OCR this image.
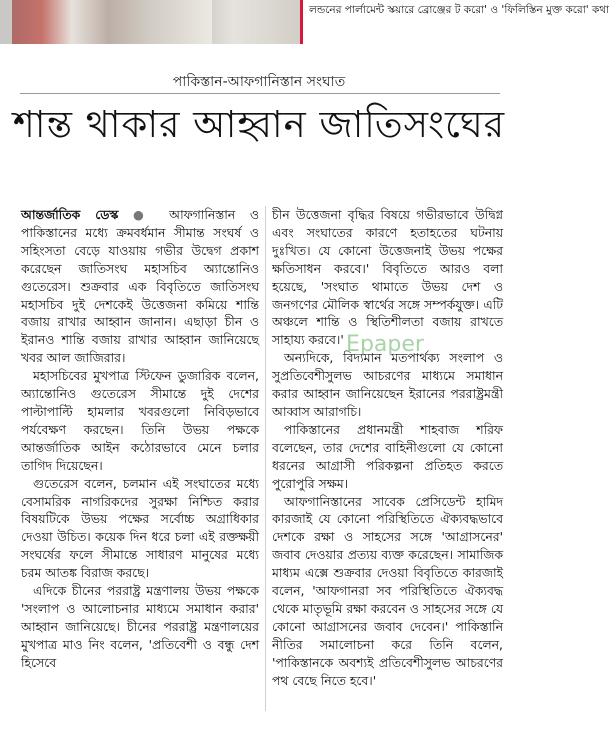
লন্ডনের পার্লামেন্ট স্কয়ারে ব্রোঞ্জের ট করো' ও 'ফিলিস্তিন মুক্ত করো' কথা
পাকিস্তান-আফগানিস্তান সংঘাত
শান্ত থাকার আহ্বান জাতিসংঘের

আন্তর্জাতিক ডেস্ক ● আফগানিস্তান ও পাকিস্তানের মধ্যে ক্রমবর্ধমান সীমান্ত সংঘর্ষ ও সহিংসতা বেড়ে যাওয়ায় গভীর উদ্বেগ প্রকাশ করেছেন জাতিসংঘ মহাসচিব অ্যান্তোনিও গুতেরেস। শুক্রবার এক বিবৃতিতে জাতিসংঘ মহাসচিব দুই দেশকেই উত্তেজনা কমিয়ে শান্তি বজায় রাখার আহ্বান জানান। এছাড়া চীন ও ইরানও শান্তি বজায় রাখার আহ্বান জানিয়েছে খবর আল জাজিরার।

মহাসচিবের মুখপাত্র স্টিফেন ডুজারিক বলেন, অ্যান্তোনিও গুতেরেস সীমান্তে দুই দেশের পাল্টাপাল্টি হামলার খবরগুলো নিবিড়ভাবে পর্যবেক্ষণ করছেন। তিনি উভয় পক্ষকে আন্তর্জাতিক আইন কঠোরভাবে মেনে চলার তাগিদ দিয়েছেন।

গুতেরেস বলেন, চলমান এই সংঘাতের মধ্যে বেসামরিক নাগরিকদের সুরক্ষা নিশ্চিত করার বিষয়টিকে উভয় পক্ষের সর্বোচ্চ অগ্রাধিকার দেওয়া উচিত। কয়েক দিন ধরে চলা এই রক্তক্ষয়ী সংঘর্ষের ফলে সীমান্তে সাধারণ মানুষের মধ্যে চরম আতঙ্ক বিরাজ করছে।

এদিকে চীনের পররাষ্ট্র মন্ত্রণালয় উভয় পক্ষকে 'সংলাপ ও আলোচনার মাধ্যমে সমাধান করার' আহ্বান জানিয়েছে। চীনের পররাষ্ট্র মন্ত্রণালয়ের মুখপাত্র মাও নিং বলেন, 'প্রতিবেশী ও বন্ধু দেশ হিসেবে

চীন উত্তেজনা বৃদ্ধির বিষয়ে গভীরভাবে উদ্বিগ্ন এবং সংঘাতের কারণে হতাহতের ঘটনায় দুঃখিত। যে কোনো উত্তেজনাই উভয় পক্ষের ক্ষতিসাধন করবে।' বিবৃতিতে আরও বলা হয়েছে, 'সংঘাত থামাতে উভয় দেশ ও জনগণের মৌলিক স্বার্থের সঙ্গে সম্পর্কযুক্ত। এটি অঞ্চলে শান্তি ও স্থিতিশীলতা বজায় রাখতে সাহায্য করবে।'

অন্যদিকে, বিদ্যমান মতপার্থক্য সংলাপ ও সুপ্রতিবেশীসুলভ আচরণের মাধ্যমে সমাধান করার আহ্বান জানিয়েছেন ইরানের পররাষ্ট্রমন্ত্রী আব্বাস আরাগচি।

পাকিস্তানের প্রধানমন্ত্রী শাহবাজ শরিফ বলেছেন, তার দেশের বাহিনীগুলো যে কোনো ধরনের আগ্রাসী পরিকল্পনা প্রতিহত করতে পুরোপুরি সক্ষম।

আফগানিস্তানের সাবেক প্রেসিডেন্ট হামিদ কারজাই যে কোনো পরিস্থিতিতে ঐক্যবদ্ধভাবে দেশকে রক্ষা ও সাহসের সঙ্গে 'আগ্রাসনের' জবাব দেওয়ার প্রত্যয় ব্যক্ত করেছেন। সামাজিক মাধ্যম এক্সে শুক্রবার দেওয়া বিবৃতিতে কারজাই বলেন, 'আফগানরা সব পরিস্থিতিতে ঐক্যবদ্ধ থেকে মাতৃভূমি রক্ষা করবেন ও সাহসের সঙ্গে যে কোনো আগ্রাসনের জবাব দেবেন।' পাকিস্তানি নীতির সমালোচনা করে তিনি বলেন, 'পাকিস্তানকে অবশ্যই প্রতিবেশীসুলভ আচরণের পথ বেছে নিতে হবে।'

Epaper
